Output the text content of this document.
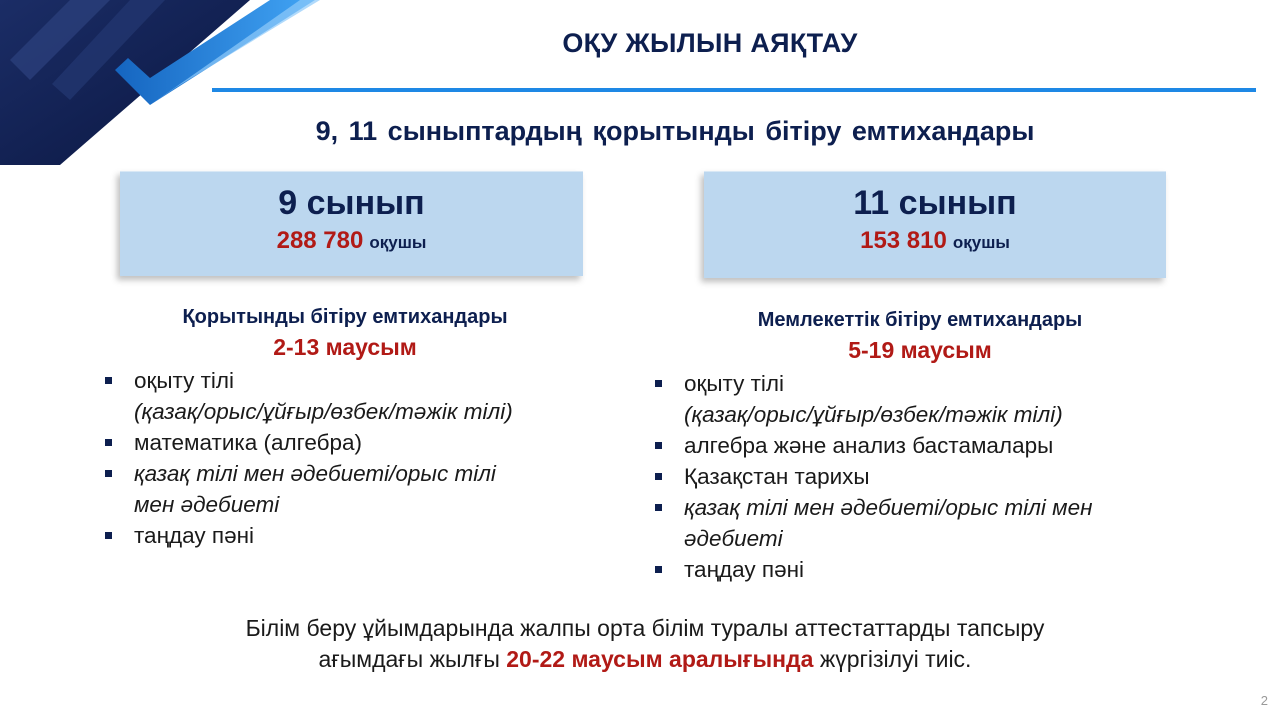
ОҚУ ЖЫЛЫН АЯҚТАУ
9, 11 сыныптардың қорытынды бітіру емтихандары
9 сынып
288 780 оқушы
11 сынып
153 810 оқушы
Қорытынды бітіру емтихандары
2-13 маусым
оқыту тілі
(қазақ/орыс/ұйғыр/өзбек/тәжік тілі)
математика (алгебра)
қазақ тілі мен әдебиеті/орыс тілі
мен әдебиеті
таңдау пәні
Мемлекеттік бітіру емтихандары
5-19 маусым
оқыту тілі
(қазақ/орыс/ұйғыр/өзбек/тәжік тілі)
алгебра және анализ бастамалары
Қазақстан тарихы
қазақ тілі мен әдебиеті/орыс тілі мен
әдебиеті
таңдау пәні
Білім беру ұйымдарында жалпы орта білім туралы аттестаттарды тапсыру
ағымдағы жылғы 20-22 маусым аралығында жүргізілуі тиіс.
2
